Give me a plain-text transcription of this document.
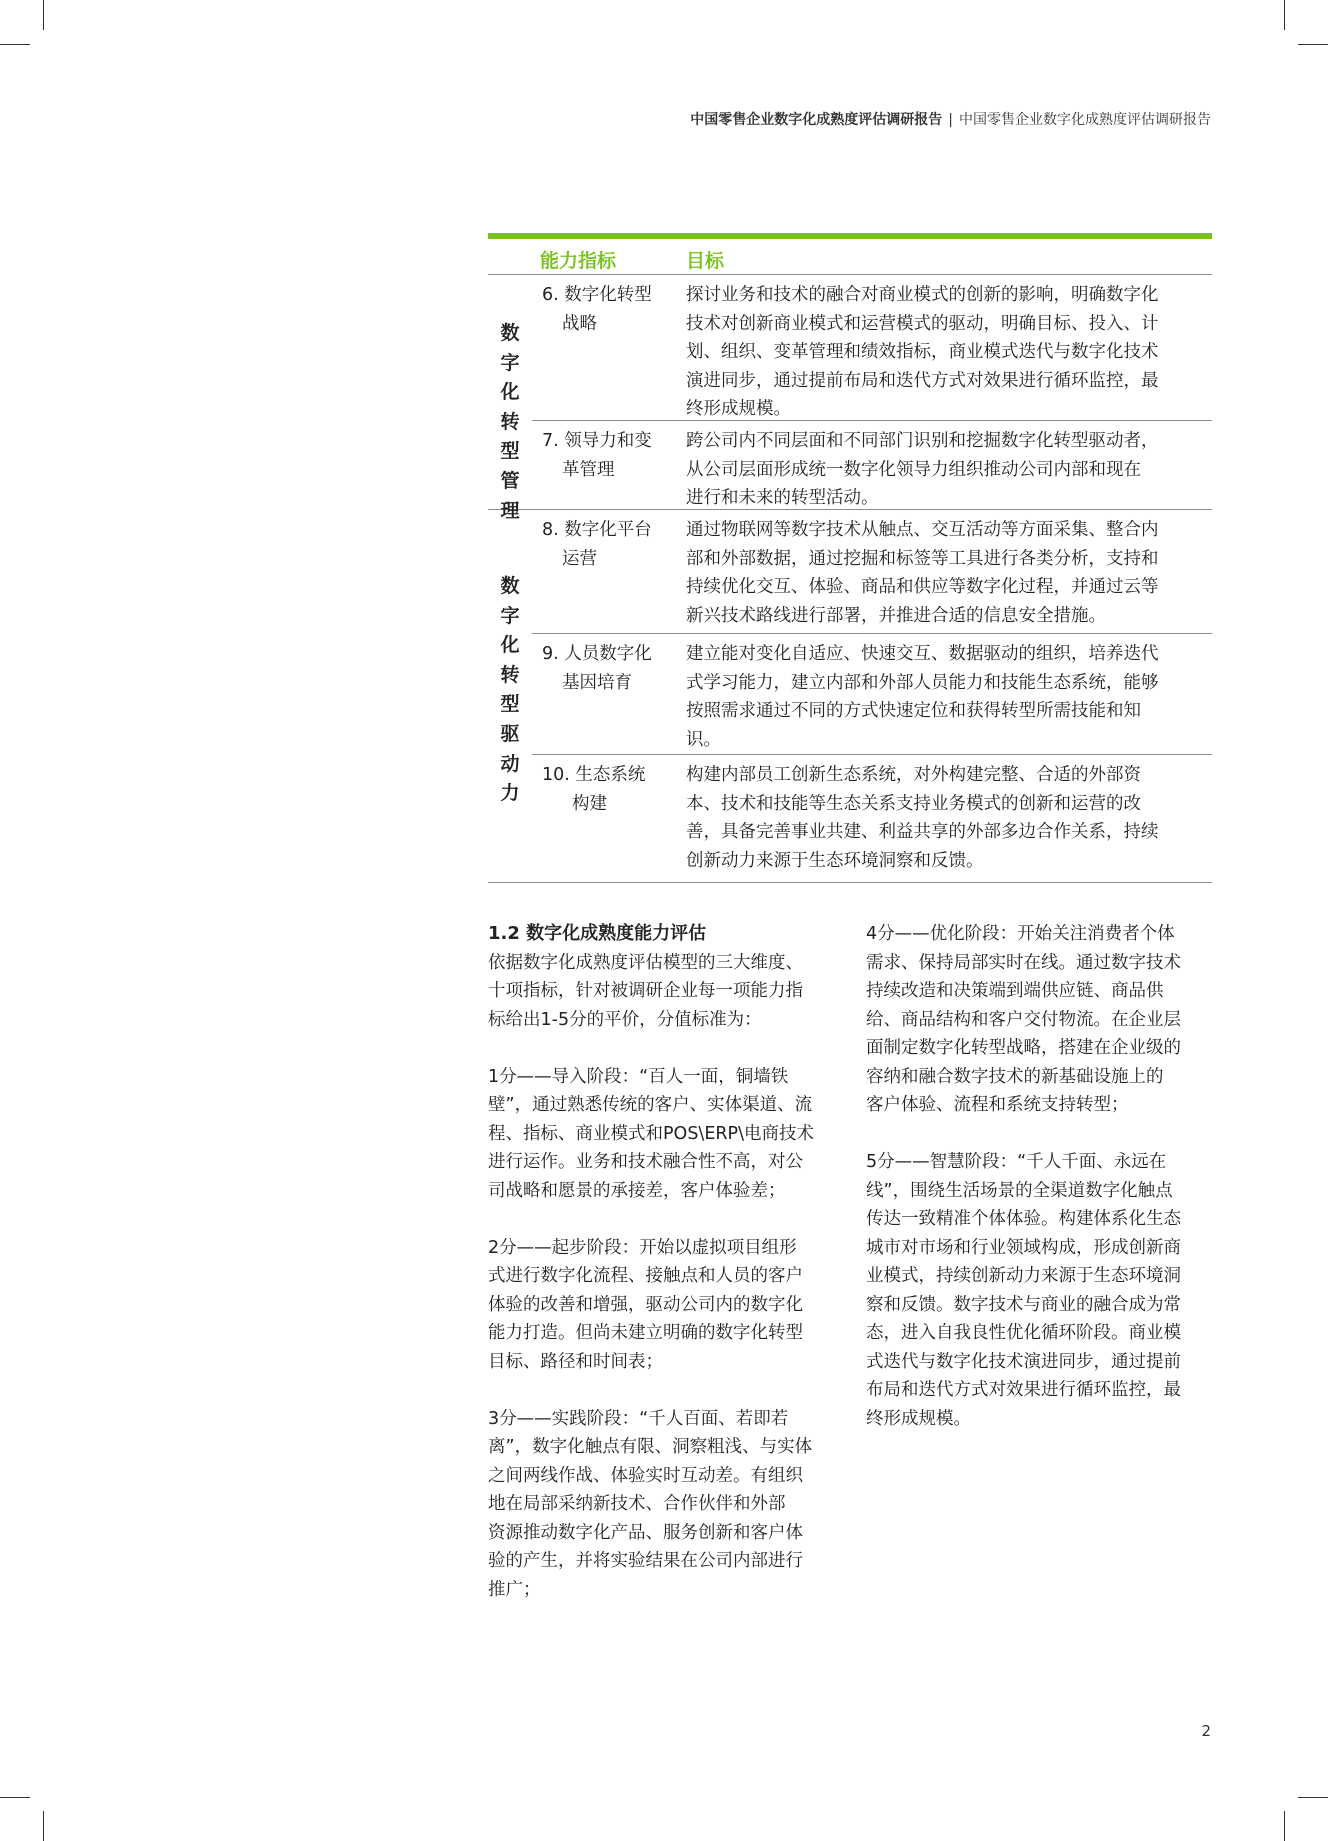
中国零售企业数字化成熟度评估调研报告 | 中国零售企业数字化成熟度评估调研报告
能力指标	目标
数
字
化
转
型
管
理
6. 数字化转型
战略
探讨业务和技术的融合对商业模式的创新的影响，明确数字化
技术对创新商业模式和运营模式的驱动，明确目标、投入、计
划、组织、变革管理和绩效指标，商业模式迭代与数字化技术
演进同步，通过提前布局和迭代方式对效果进行循环监控，最
终形成规模。
7. 领导力和变
革管理
跨公司内不同层面和不同部门识别和挖掘数字化转型驱动者，
从公司层面形成统一数字化领导力组织推动公司内部和现在
进行和未来的转型活动。
数
字
化
转
型
驱
动
力
8. 数字化平台
运营
通过物联网等数字技术从触点、交互活动等方面采集、整合内
部和外部数据，通过挖掘和标签等工具进行各类分析，支持和
持续优化交互、体验、商品和供应等数字化过程，并通过云等
新兴技术路线进行部署，并推进合适的信息安全措施。
9. 人员数字化
基因培育
建立能对变化自适应、快速交互、数据驱动的组织，培养迭代
式学习能力，建立内部和外部人员能力和技能生态系统，能够
按照需求通过不同的方式快速定位和获得转型所需技能和知
识。
10. 生态系统
构建
构建内部员工创新生态系统，对外构建完整、合适的外部资
本、技术和技能等生态关系支持业务模式的创新和运营的改
善，具备完善事业共建、利益共享的外部多边合作关系，持续
创新动力来源于生态环境洞察和反馈。
1.2 数字化成熟度能力评估
依据数字化成熟度评估模型的三大维度、
十项指标，针对被调研企业每一项能力指
标给出1-5分的平价，分值标准为：
1分——导入阶段：“百人一面，铜墙铁
壁”，通过熟悉传统的客户、实体渠道、流
程、指标、商业模式和POS\ERP\电商技术
进行运作。业务和技术融合性不高，对公
司战略和愿景的承接差，客户体验差；
2分——起步阶段：开始以虚拟项目组形
式进行数字化流程、接触点和人员的客户
体验的改善和增强，驱动公司内的数字化
能力打造。但尚未建立明确的数字化转型
目标、路径和时间表；
3分——实践阶段：“千人百面、若即若
离”，数字化触点有限、洞察粗浅、与实体
之间两线作战、体验实时互动差。有组织
地在局部采纳新技术、合作伙伴和外部
资源推动数字化产品、服务创新和客户体
验的产生，并将实验结果在公司内部进行
推广；
4分——优化阶段：开始关注消费者个体
需求、保持局部实时在线。通过数字技术
持续改造和决策端到端供应链、商品供
给、商品结构和客户交付物流。在企业层
面制定数字化转型战略，搭建在企业级的
容纳和融合数字技术的新基础设施上的
客户体验、流程和系统支持转型；
5分——智慧阶段：“千人千面、永远在
线”，围绕生活场景的全渠道数字化触点
传达一致精准个体体验。构建体系化生态
城市对市场和行业领域构成，形成创新商
业模式，持续创新动力来源于生态环境洞
察和反馈。数字技术与商业的融合成为常
态，进入自我良性优化循环阶段。商业模
式迭代与数字化技术演进同步，通过提前
布局和迭代方式对效果进行循环监控，最
终形成规模。
2
